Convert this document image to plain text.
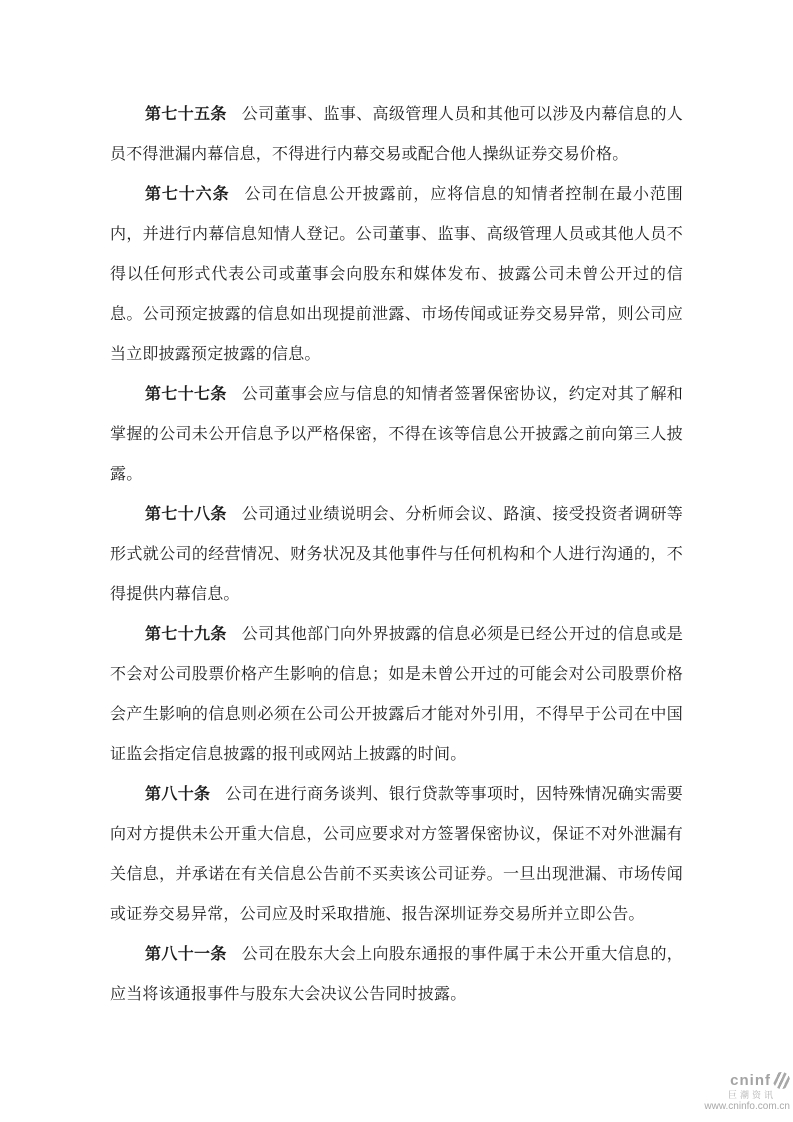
第七十五条 公司董事、监事、高级管理人员和其他可以涉及内幕信息的人员不得泄漏内幕信息，不得进行内幕交易或配合他人操纵证券交易价格。

第七十六条 公司在信息公开披露前，应将信息的知情者控制在最小范围内，并进行内幕信息知情人登记。公司董事、监事、高级管理人员或其他人员不得以任何形式代表公司或董事会向股东和媒体发布、披露公司未曾公开过的信息。公司预定披露的信息如出现提前泄露、市场传闻或证券交易异常，则公司应当立即披露预定披露的信息。

第七十七条 公司董事会应与信息的知情者签署保密协议，约定对其了解和掌握的公司未公开信息予以严格保密，不得在该等信息公开披露之前向第三人披露。

第七十八条 公司通过业绩说明会、分析师会议、路演、接受投资者调研等形式就公司的经营情况、财务状况及其他事件与任何机构和个人进行沟通的，不得提供内幕信息。

第七十九条 公司其他部门向外界披露的信息必须是已经公开过的信息或是不会对公司股票价格产生影响的信息；如是未曾公开过的可能会对公司股票价格会产生影响的信息则必须在公司公开披露后才能对外引用，不得早于公司在中国证监会指定信息披露的报刊或网站上披露的时间。

第八十条 公司在进行商务谈判、银行贷款等事项时，因特殊情况确实需要向对方提供未公开重大信息，公司应要求对方签署保密协议，保证不对外泄漏有关信息，并承诺在有关信息公告前不买卖该公司证券。一旦出现泄漏、市场传闻或证券交易异常，公司应及时采取措施、报告深圳证券交易所并立即公告。

第八十一条 公司在股东大会上向股东通报的事件属于未公开重大信息的，应当将该通报事件与股东大会决议公告同时披露。

cninf
巨潮资讯
www.cninfo.com.cn
